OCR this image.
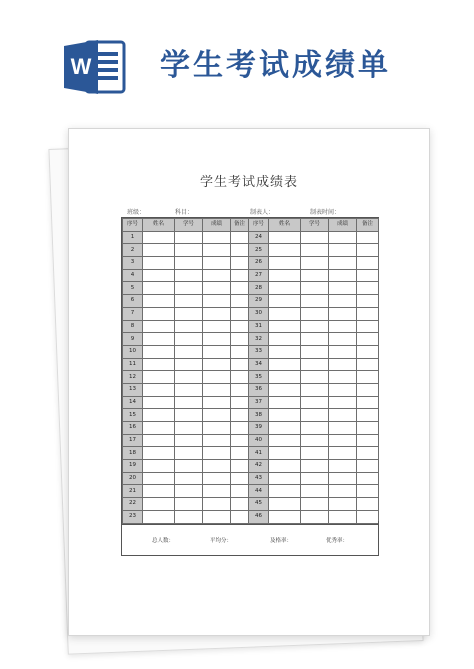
W 学生考试成绩单
学生考试成绩表
班级：	科目：	制表人：	制表时间：
序号	姓名	学号	成绩	备注	序号	姓名	学号	成绩	备注
1					24				
2					25				
3					26				
4					27				
5					28				
6					29				
7					30				
8					31				
9					32				
10					33				
11					34				
12					35				
13					36				
14					37				
15					38				
16					39				
17					40				
18					41				
19					42				
20					43				
21					44				
22					45				
23					46				
总人数：	平均分：	及格率：	优秀率：
